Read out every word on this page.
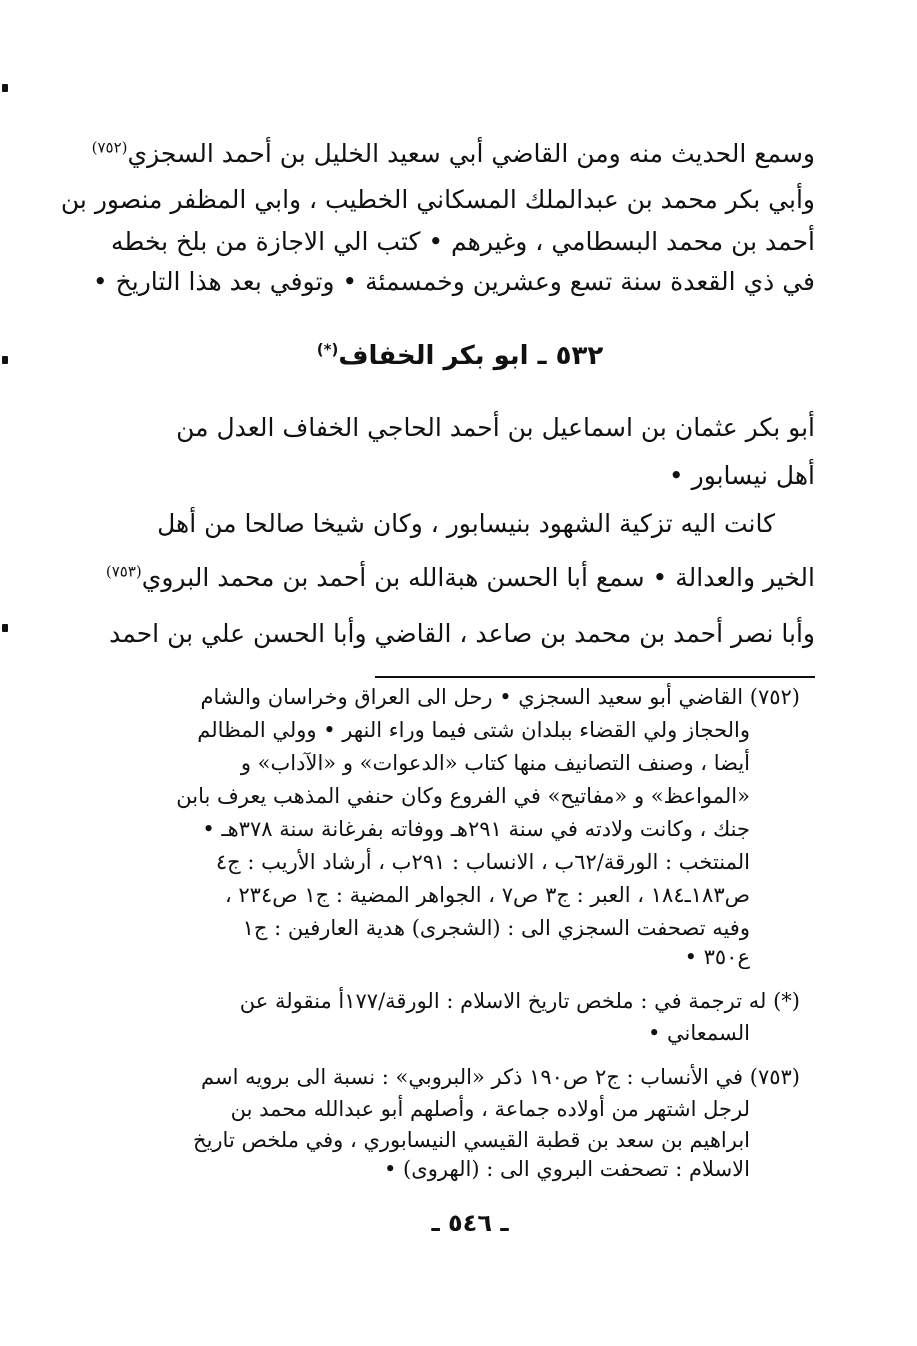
وسمع الحديث منه ومن القاضي أبي سعيد الخليل بن أحمد السجزي$^{(٧٥٢)}$
وأبي بكر محمد بن عبدالملك المسكاني الخطيب ، وابي المظفر منصور بن
أحمد بن محمد البسطامي ، وغيرهم • كتب الي الاجازة من بلخ بخطه
في ذي القعدة سنة تسع وعشرين وخمسمئة • وتوفي بعد هذا التاريخ •
٥٣٢ ـ ابو بكر الخفاف(*)
أبو بكر عثمان بن اسماعيل بن أحمد الحاجي الخفاف العدل من
أهل نيسابور •
كانت اليه تزكية الشهود بنيسابور ، وكان شيخا صالحا من أهل
الخير والعدالة • سمع أبا الحسن هبةالله بن أحمد بن محمد البروي$^{(٧٥٣)}$
وأبا نصر أحمد بن محمد بن صاعد ، القاضي وأبا الحسن علي بن احمد
(٧٥٢) القاضي أبو سعيد السجزي • رحل الى العراق وخراسان والشام
والحجاز ولي القضاء ببلدان شتى فيما وراء النهر • وولي المظالم
أيضا ، وصنف التصانيف منها كتاب «الدعوات» و «الآداب» و
«المواعظ» و «مفاتيح» في الفروع وكان حنفي المذهب يعرف بابن
جنك ، وكانت ولادته في سنة ٢٩١هـ ووفاته بفرغانة سنة ٣٧٨هـ •
المنتخب : الورقة/٦٢ب ، الانساب : ٢٩١ب ، أرشاد الأريب : ج٤
ص١٨٣ـ١٨٤ ، العبر : ج٣ ص٧ ، الجواهر المضية : ج١ ص٢٣٤ ،
وفيه تصحفت السجزي الى : (الشجرى) هدية العارفين : ج١
ع٣٥٠ •
(*) له ترجمة في : ملخص تاريخ الاسلام : الورقة/١٧٧أ منقولة عن
السمعاني •
(٧٥٣) في الأنساب : ج٢ ص١٩٠ ذكر «البروبي» : نسبة الى برويه اسم
لرجل اشتهر من أولاده جماعة ، وأصلهم أبو عبدالله محمد بن
ابراهيم بن سعد بن قطبة القيسي النيسابوري ، وفي ملخص تاريخ
الاسلام : تصحفت البروي الى : (الهروى) •
ـ ٥٤٦ ـ
